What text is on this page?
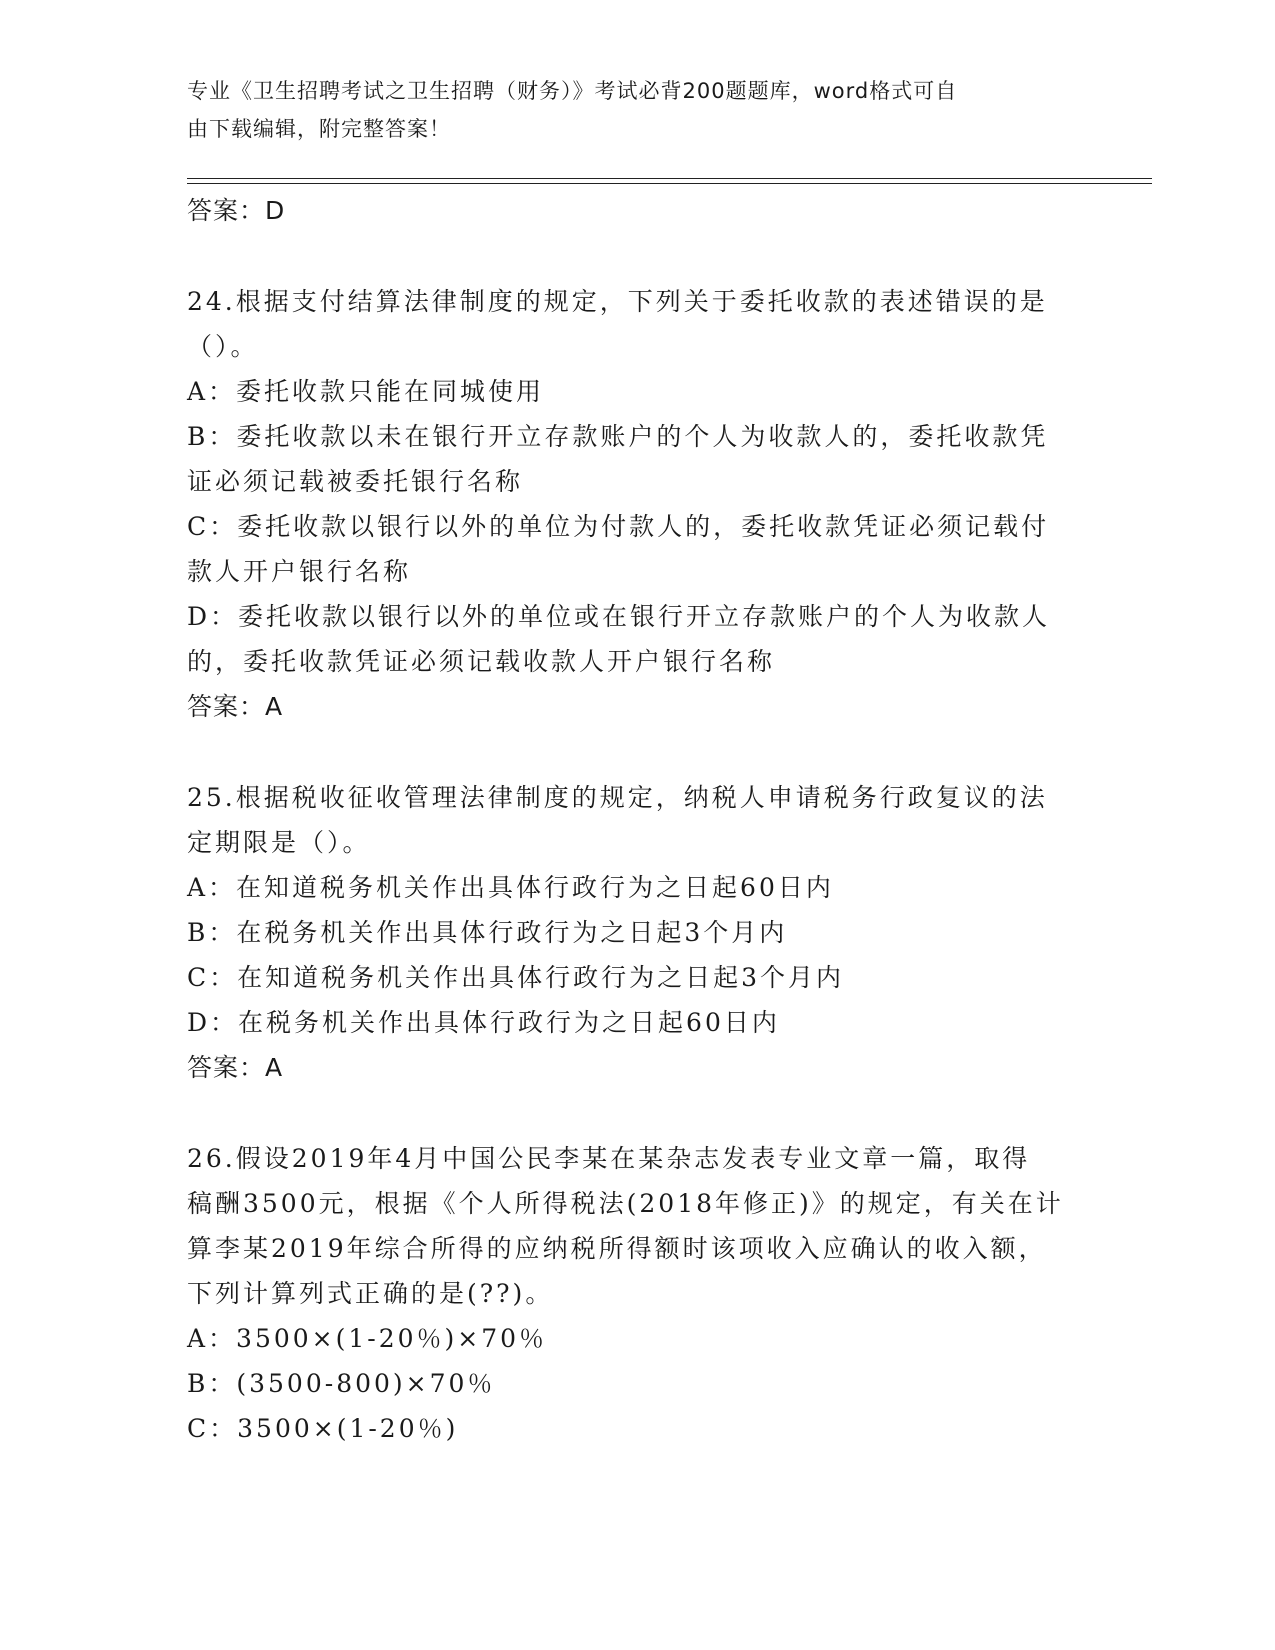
专业《卫生招聘考试之卫生招聘（财务）》考试必背200题题库，word格式可自
由下载编辑，附完整答案！

答案：D

24.根据支付结算法律制度的规定，下列关于委托收款的表述错误的是

（）。

A：委托收款只能在同城使用

B：委托收款以未在银行开立存款账户的个人为收款人的，委托收款凭

证必须记载被委托银行名称

C：委托收款以银行以外的单位为付款人的，委托收款凭证必须记载付

款人开户银行名称

D：委托收款以银行以外的单位或在银行开立存款账户的个人为收款人

的，委托收款凭证必须记载收款人开户银行名称

答案：A

25.根据税收征收管理法律制度的规定，纳税人申请税务行政复议的法

定期限是（）。

A：在知道税务机关作出具体行政行为之日起60日内

B：在税务机关作出具体行政行为之日起3个月内

C：在知道税务机关作出具体行政行为之日起3个月内

D：在税务机关作出具体行政行为之日起60日内

答案：A

26.假设2019年4月中国公民李某在某杂志发表专业文章一篇，取得

稿酬3500元，根据《个人所得税法(2018年修正)》的规定，有关在计

算李某2019年综合所得的应纳税所得额时该项收入应确认的收入额，

下列计算列式正确的是(??)。

A：3500×(1-20％)×70％

B：(3500-800)×70％

C：3500×(1-20％)
